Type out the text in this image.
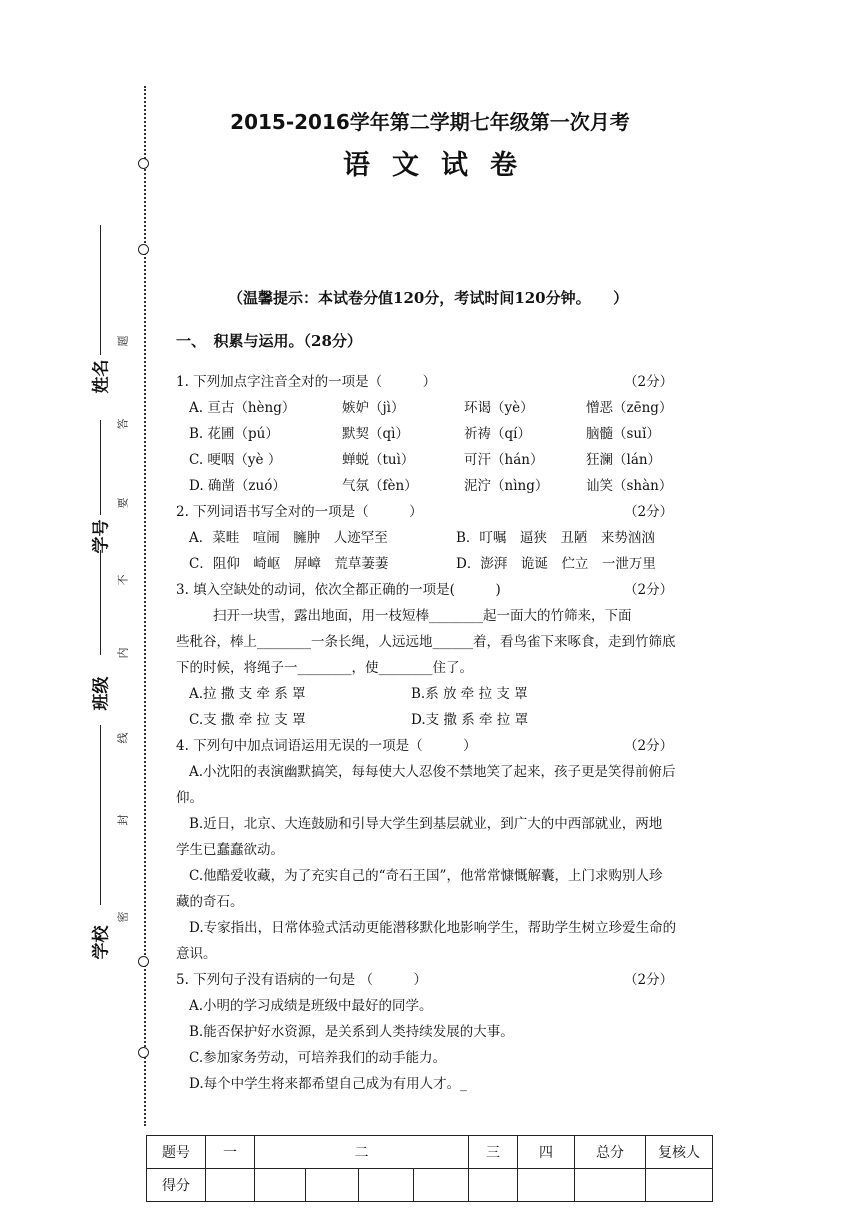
2015-2016学年第二学期七年级第一次月考
语文试卷
（温馨提示：本试卷分值120分，考试时间120分钟。　　）
一、　积累与运用。（28分）
姓名
学号
班级
学校
题
答
要
不
内
线
封
密
1. 下列加点字注音全对的一项是（　　　）	（2分）
A. 亘古（hèng）	嫉妒（jì）	环谒（yè）	憎恶（zēng）
B. 花圃（pú）	默契（qì）	祈祷（qí）	脑髓（suǐ）
C. 哽咽（yè ）	蝉蜕（tuì）	可汗（hán）	狂澜（lán）
D. 确凿（zuó）	气氛（fèn）	泥泞（nìng）	讪笑（shàn）
2. 下列词语书写全对的一项是（　　　）	（2分）
A．菜畦　喧闹　臃肿　人迹罕至	B．叮嘱　逼狭　丑陋　来势汹汹
C．阻仰　崎岖　屏嶂　荒草萋萋	D．澎湃　诡诞　伫立　一泄万里
3. 填入空缺处的动词，依次全都正确的一项是(　　　)	（2分）
扫开一块雪，露出地面，用一枝短棒________起一面大的竹筛来，下面
些秕谷，棒上________一条长绳，人远远地______着，看鸟雀下来啄食，走到竹筛底
下的时候，将绳子一________，使________住了。
A.拉 撒 支 牵 系 罩	B.系 放 牵 拉 支 罩
C.支 撒 牵 拉 支 罩	D.支 撒 系 牵 拉 罩
4. 下列句中加点词语运用无误的一项是（　　　）	（2分）
A.小沈阳的表演幽默搞笑，每每使大人忍俊不禁地笑了起来，孩子更是笑得前俯后
仰。
B.近日，北京、大连鼓励和引导大学生到基层就业，到广大的中西部就业，两地
学生已蠢蠢欲动。
C.他酷爱收藏，为了充实自己的“奇石王国”，他常常慷慨解囊，上门求购别人珍
藏的奇石。
D.专家指出，日常体验式活动更能潜移默化地影响学生，帮助学生树立珍爱生命的
意识。
5. 下列句子没有语病的一句是 （　　　）	（2分）
A.小明的学习成绩是班级中最好的同学。
B.能否保护好水资源，是关系到人类持续发展的大事。
C.参加家务劳动，可培养我们的动手能力。
D.每个中学生将来都希望自己成为有用人才。_
题号	一	二				三	四	总分	复核人
得分									
